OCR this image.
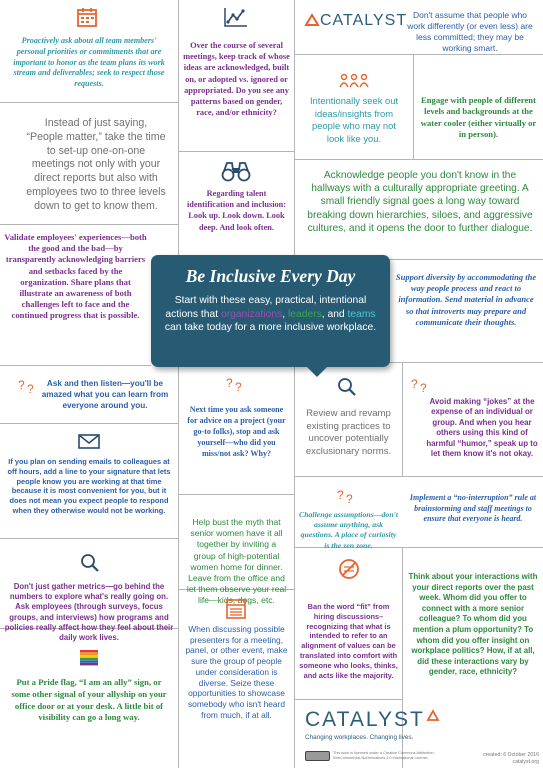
Proactively ask about all team members' personal priorities or commitments that are important to honor as the team plans its work stream and deliverables; seek to respect those requests.
Over the course of several meetings, keep track of whose ideas are acknowledged, built on, or adopted vs. ignored or appropriated. Do you see any patterns based on gender, race, and/or ethnicity?
CATALYST Don't assume that people who work differently (or even less) are less committed; they may be working smart.
Intentionally seek out ideas/insights from people who may not look like you.
Engage with people of different levels and backgrounds at the water cooler (either virtually or in person).
Instead of just saying, “People matter,” take the time to set-up one-on-one meetings not only with your direct reports but also with employees two to three levels down to get to know them.
Regarding talent identification and inclusion: Look up. Look down. Look deep. And look often.
Acknowledge people you don't know in the hallways with a culturally appropriate greeting. A small friendly signal goes a long way toward breaking down hierarchies, siloes, and aggressive cultures, and it opens the door to further dialogue.
Validate employees' experiences—both the good and the bad—by transparently acknowledging barriers and setbacks faced by the organization. Share plans that illustrate an awareness of both challenges left to face and the continued progress that is possible.
Be Inclusive Every Day
Start with these easy, practical, intentional actions that organizations, leaders, and teams can take today for a more inclusive workplace.
Support diversity by accommodating the way people process and react to information. Send material in advance so that introverts may prepare and communicate their thoughts.
? ?	Ask and then listen—you'll be amazed what you can learn from everyone around you.
? ?
Next time you ask someone for advice on a project (your go-to folks), stop and ask yourself—who did you miss/not ask? Why?
Review and revamp existing practices to uncover potentially exclusionary norms.
? ?
Avoid making “jokes” at the expense of an individual or group. And when you hear others using this kind of harmful “humor,” speak up to let them know it's not okay.
If you plan on sending emails to colleagues at off hours, add a line to your signature that lets people know you are working at that time because it is most convenient for you, but it does not mean you expect people to respond when they otherwise would not be working.
Help bust the myth that senior women have it all together by inviting a group of high-potential women home for dinner. Leave from the office and let them observe your real life—kids, dogs, etc.
? ?
Challenge assumptions—don't assume anything, ask questions. A place of curiosity is the zen zone.
Implement a “no-interruption” rule at brainstorming and staff meetings to ensure that everyone is heard.
Don't just gather metrics—go behind the numbers to explore what's really going on. Ask employees (through surveys, focus groups, and interviews) how programs and policies really affect how they feel about their daily work lives.
Ban the word “fit” from hiring discussions–recognizing that what is intended to refer to an alignment of values can be translated into comfort with someone who looks, thinks, and acts like the majority.
Think about your interactions with your direct reports over the past week. Whom did you offer to connect with a more senior colleague? To whom did you mention a plum opportunity? To whom did you offer insight on workplace politics? How, if at all, did these interactions vary by gender, race, ethnicity?
When discussing possible presenters for a meeting, panel, or other event, make sure the group of people under consideration is diverse. Seize these opportunities to showcase somebody who isn't heard from much, if at all.
Put a Pride flag, “I am an ally” sign, or some other signal of your allyship on your office door or at your desk. A little bit of visibility can go a long way.	CATALYST
Changing workplaces. Changing lives.
This work is licensed under a Creative Commons Attribution-NonCommercial-NoDerivatives 4.0 International License.	created: 6 October 2016
catalyst.org
